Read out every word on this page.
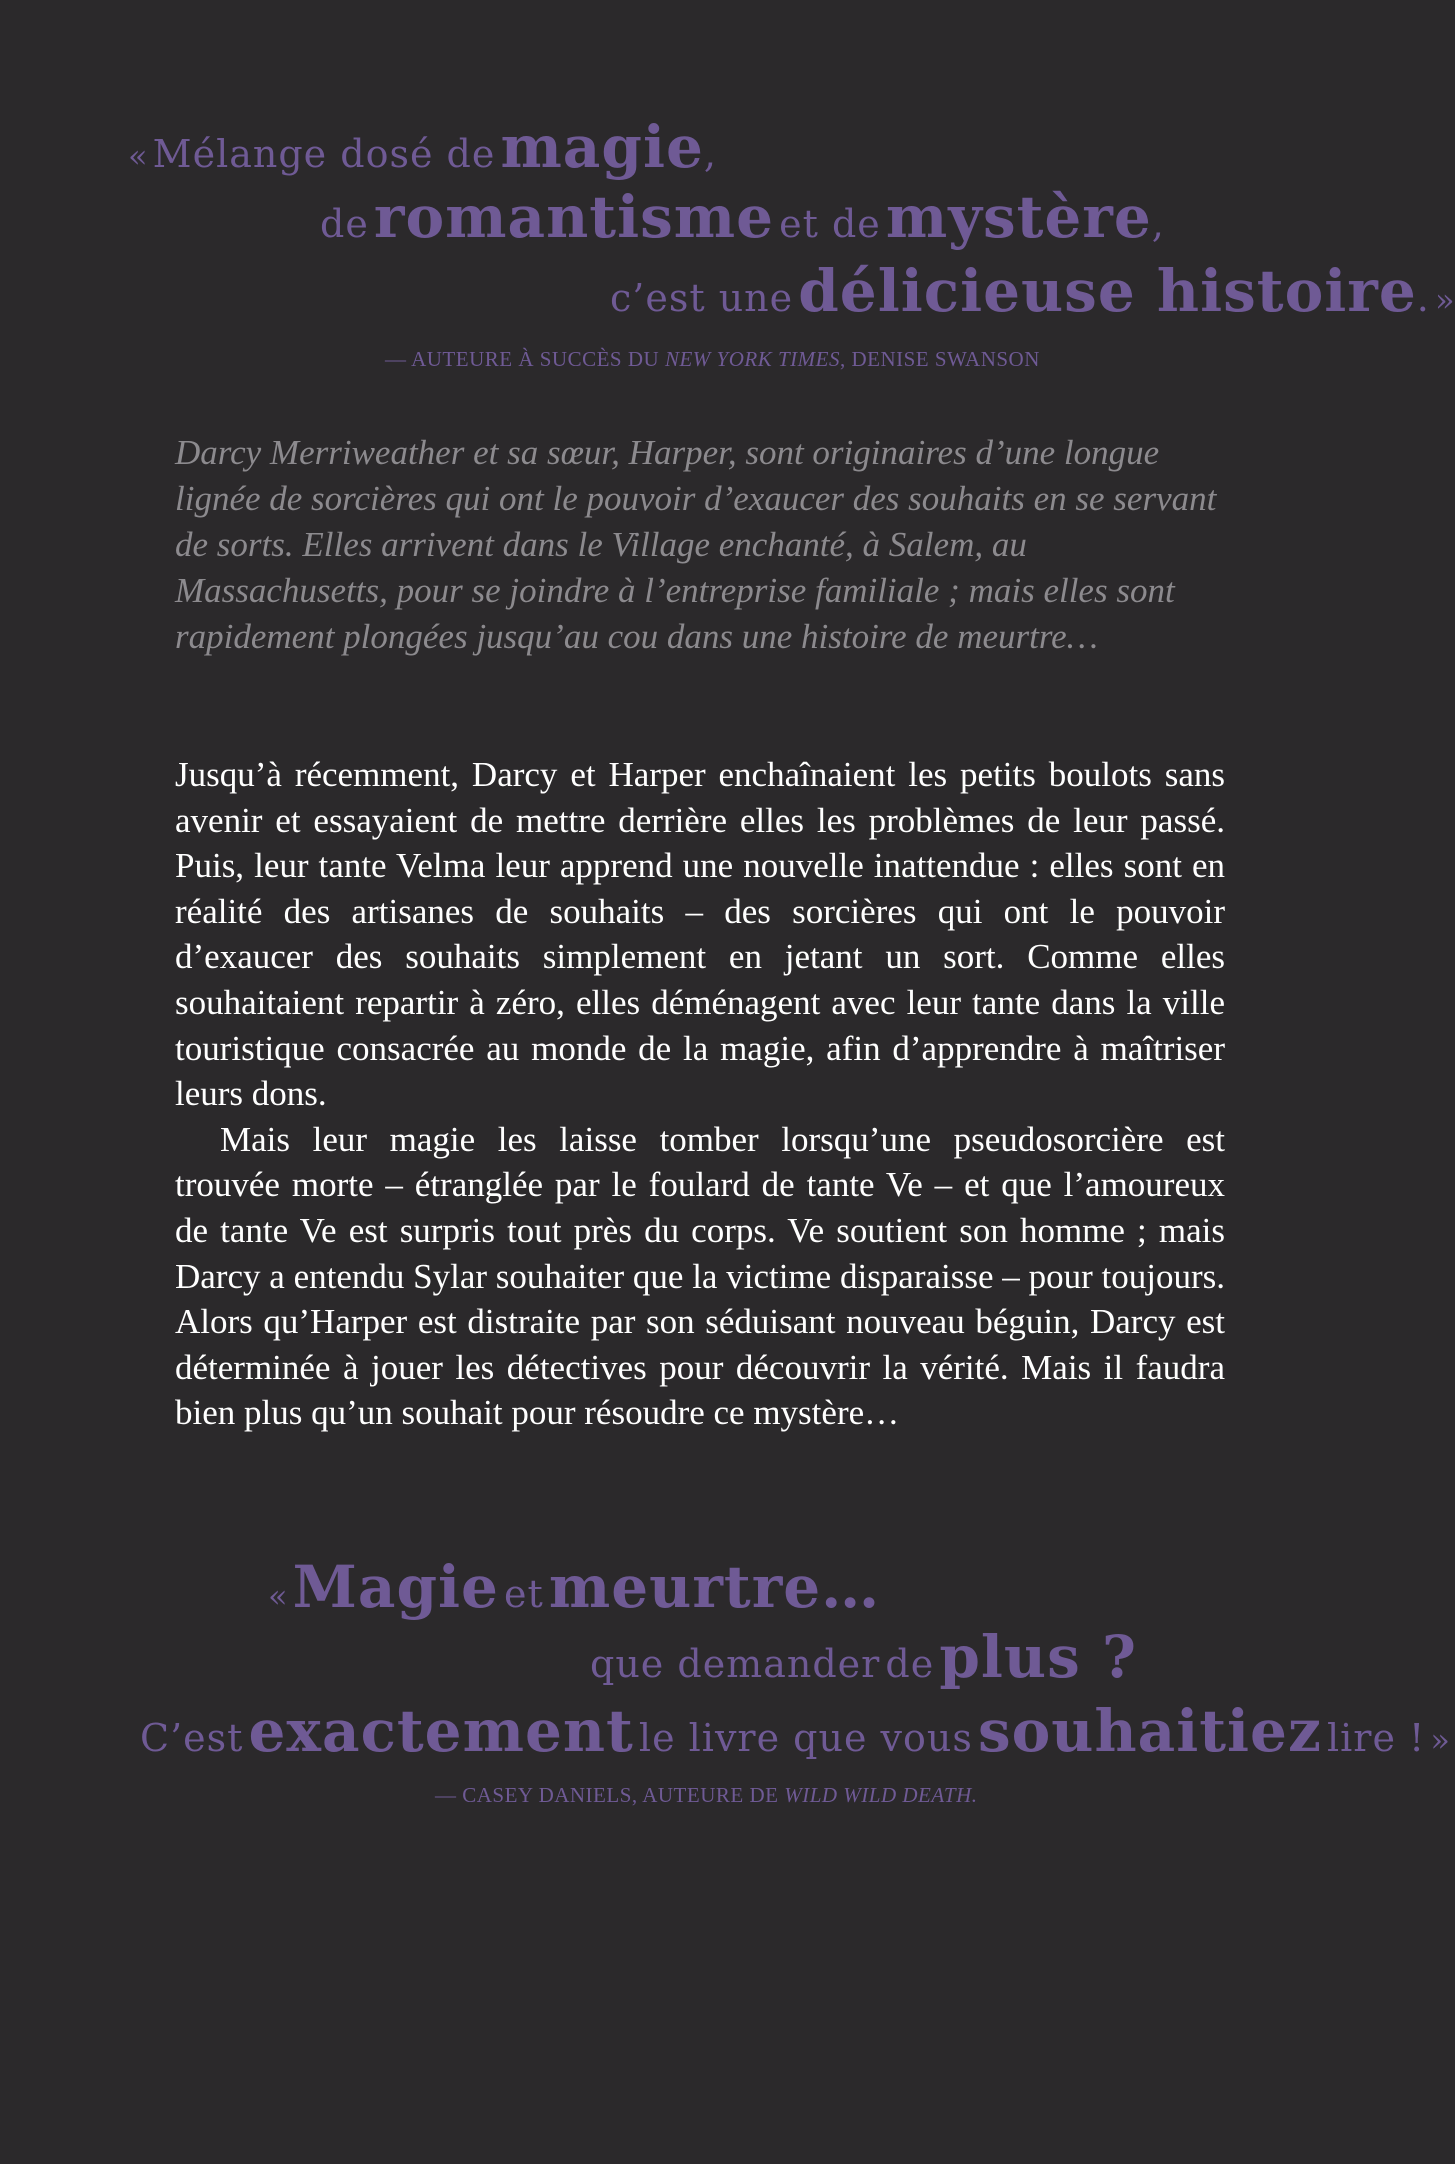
« Mélange dosé de magie,
de romantisme et de mystère,
c’est une délicieuse histoire. »
— AUTEURE À SUCCÈS DU NEW YORK TIMES, DENISE SWANSON

Darcy Merriweather et sa sœur, Harper, sont originaires d’une longue lignée de sorcières qui ont le pouvoir d’exaucer des souhaits en se servant de sorts. Elles arrivent dans le Village enchanté, à Salem, au Massachusetts, pour se joindre à l’entreprise familiale ; mais elles sont rapidement plongées jusqu’au cou dans une histoire de meurtre…

Jusqu’à récemment, Darcy et Harper enchaînaient les petits boulots sans avenir et essayaient de mettre derrière elles les problèmes de leur passé. Puis, leur tante Velma leur apprend une nouvelle inattendue : elles sont en réalité des artisanes de souhaits – des sorcières qui ont le pouvoir d’exaucer des souhaits simplement en jetant un sort. Comme elles souhaitaient repartir à zéro, elles déménagent avec leur tante dans la ville touristique consacrée au monde de la magie, afin d’apprendre à maîtriser leurs dons.

Mais leur magie les laisse tomber lorsqu’une pseudosorcière est trouvée morte – étranglée par le foulard de tante Ve – et que l’amoureux de tante Ve est surpris tout près du corps. Ve soutient son homme ; mais Darcy a entendu Sylar souhaiter que la victime disparaisse – pour toujours. Alors qu’Harper est distraite par son séduisant nouveau béguin, Darcy est déterminée à jouer les détectives pour découvrir la vérité. Mais il faudra bien plus qu’un souhait pour résoudre ce mystère…

« Magie et meurtre…
que demander de plus ?
C’est exactement le livre que vous souhaitiez lire ! »
— CASEY DANIELS, AUTEURE DE WILD WILD DEATH.
